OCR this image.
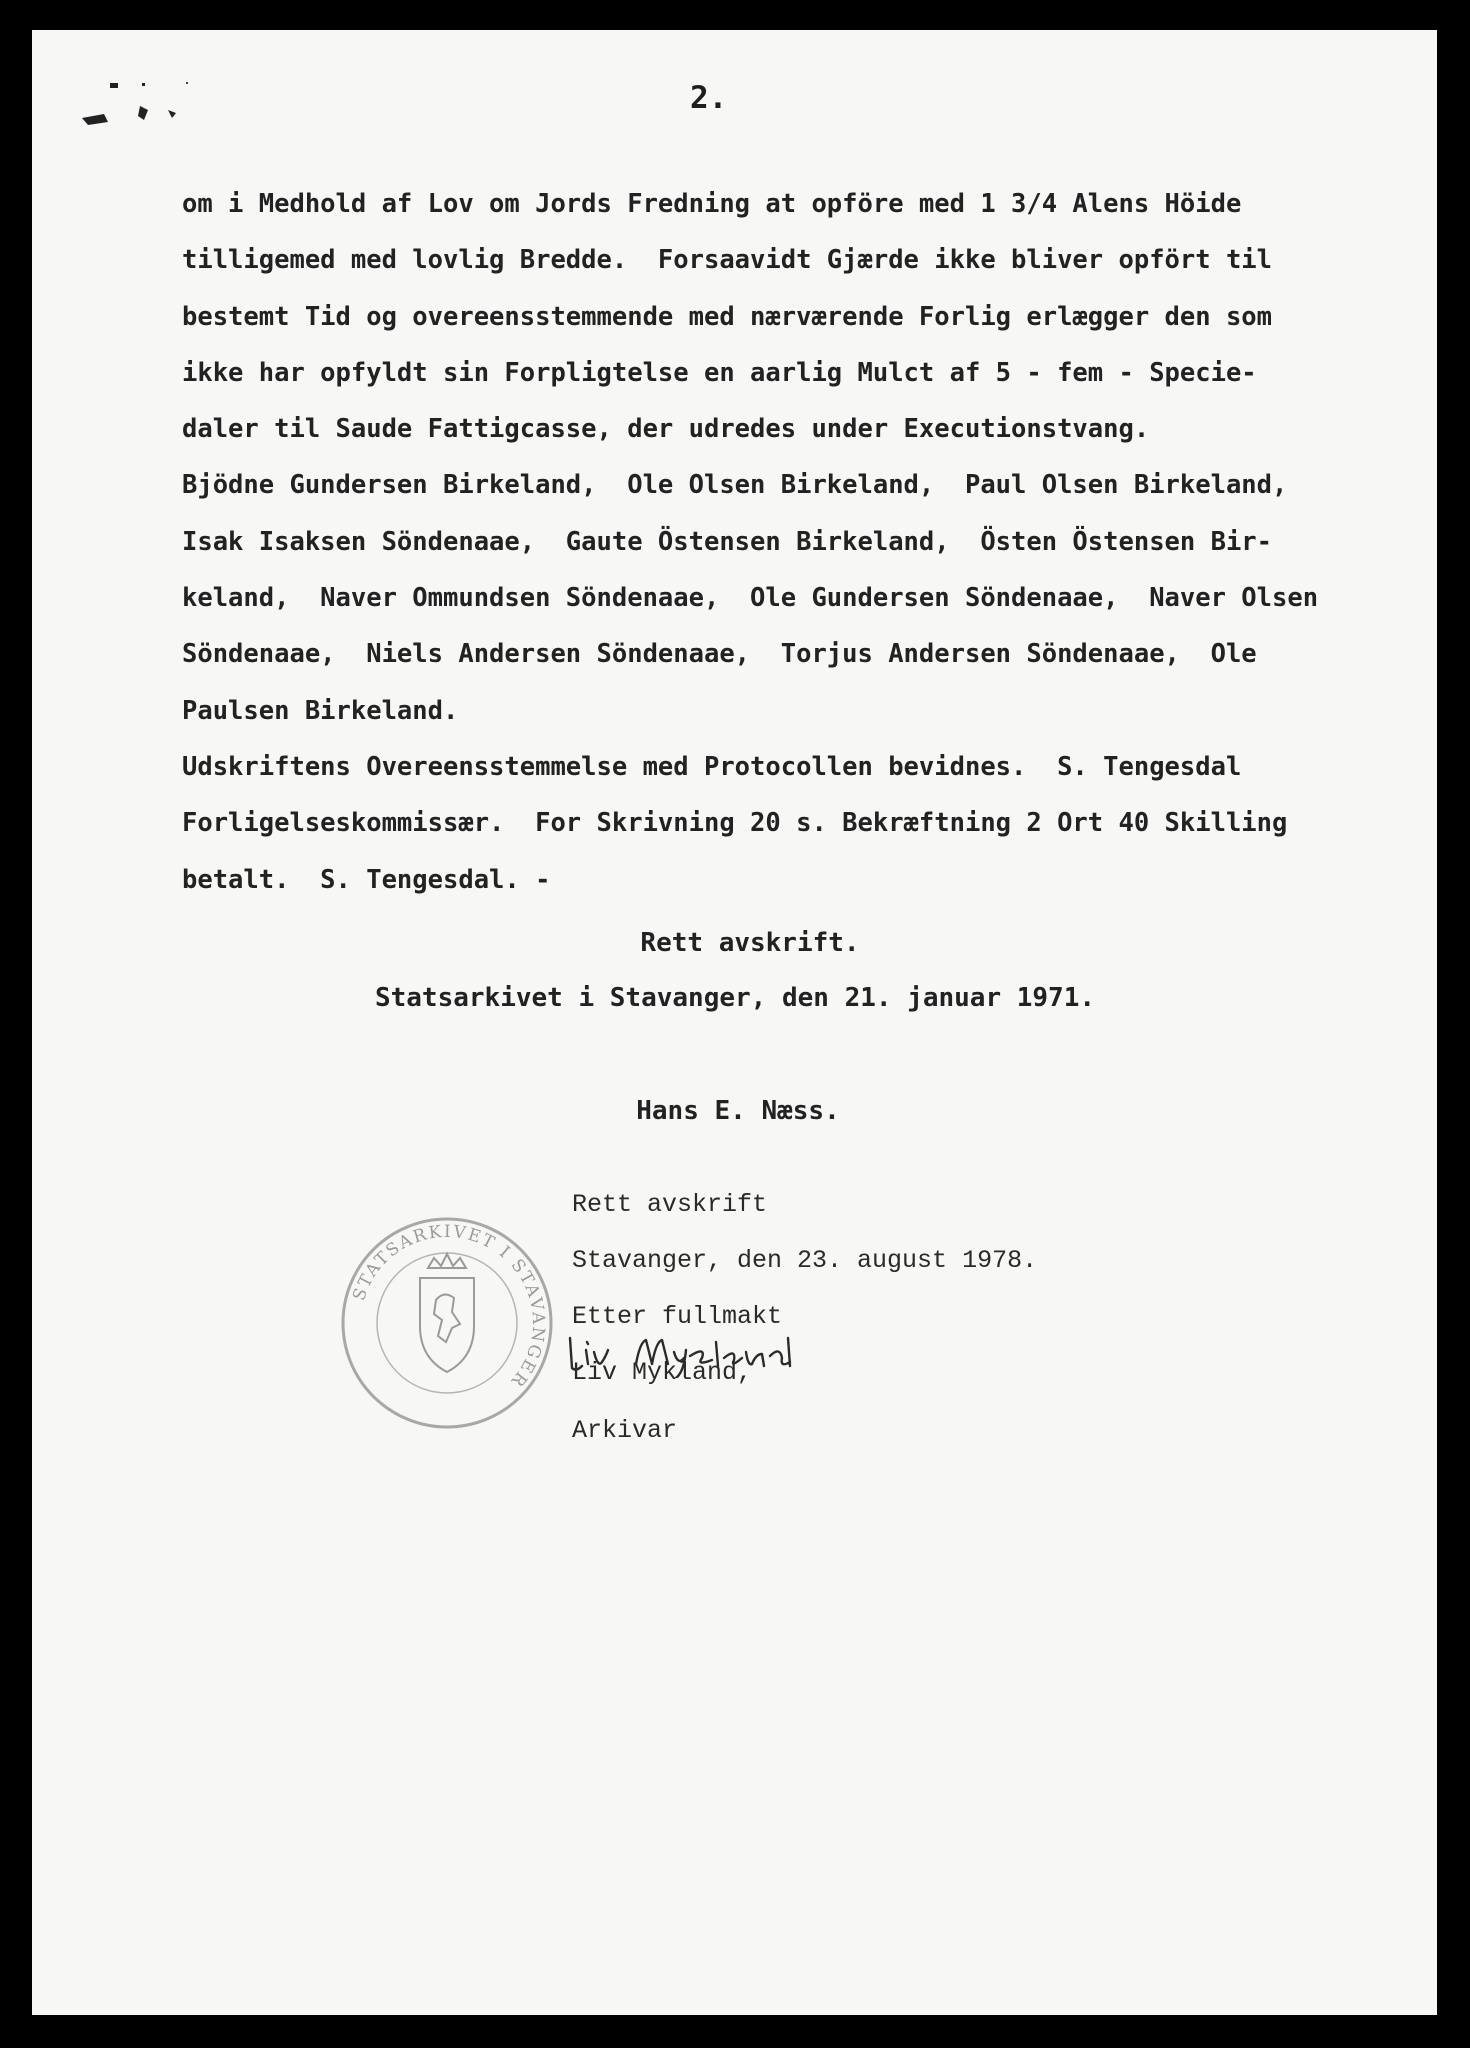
2.
om i Medhold af Lov om Jords Fredning at opföre med 1 3/4 Alens Höide
tilligemed med lovlig Bredde.  Forsaavidt Gjærde ikke bliver opfört til
bestemt Tid og overeensstemmende med nærværende Forlig erlægger den som
ikke har opfyldt sin Forpligtelse en aarlig Mulct af 5 - fem - Specie-
daler til Saude Fattigcasse, der udredes under Executionstvang.
Bjödne Gundersen Birkeland,  Ole Olsen Birkeland,  Paul Olsen Birkeland,
Isak Isaksen Söndenaae,  Gaute Östensen Birkeland,  Östen Östensen Bir-
keland,  Naver Ommundsen Söndenaae,  Ole Gundersen Söndenaae,  Naver Olsen
Söndenaae,  Niels Andersen Söndenaae,  Torjus Andersen Söndenaae,  Ole
Paulsen Birkeland.
Udskriftens Overeensstemmelse med Protocollen bevidnes.  S. Tengesdal
Forligelseskommissær.  For Skrivning 20 s. Bekræftning 2 Ort 40 Skilling
betalt.  S. Tengesdal. -
Rett avskrift.
Statsarkivet i Stavanger, den 21. januar 1971.
Hans E. Næss.
STATSARKIVET I STAVANGER
Rett avskrift
Stavanger, den 23. august 1978.
Etter fullmakt
Liv Mykland,
Arkivar
